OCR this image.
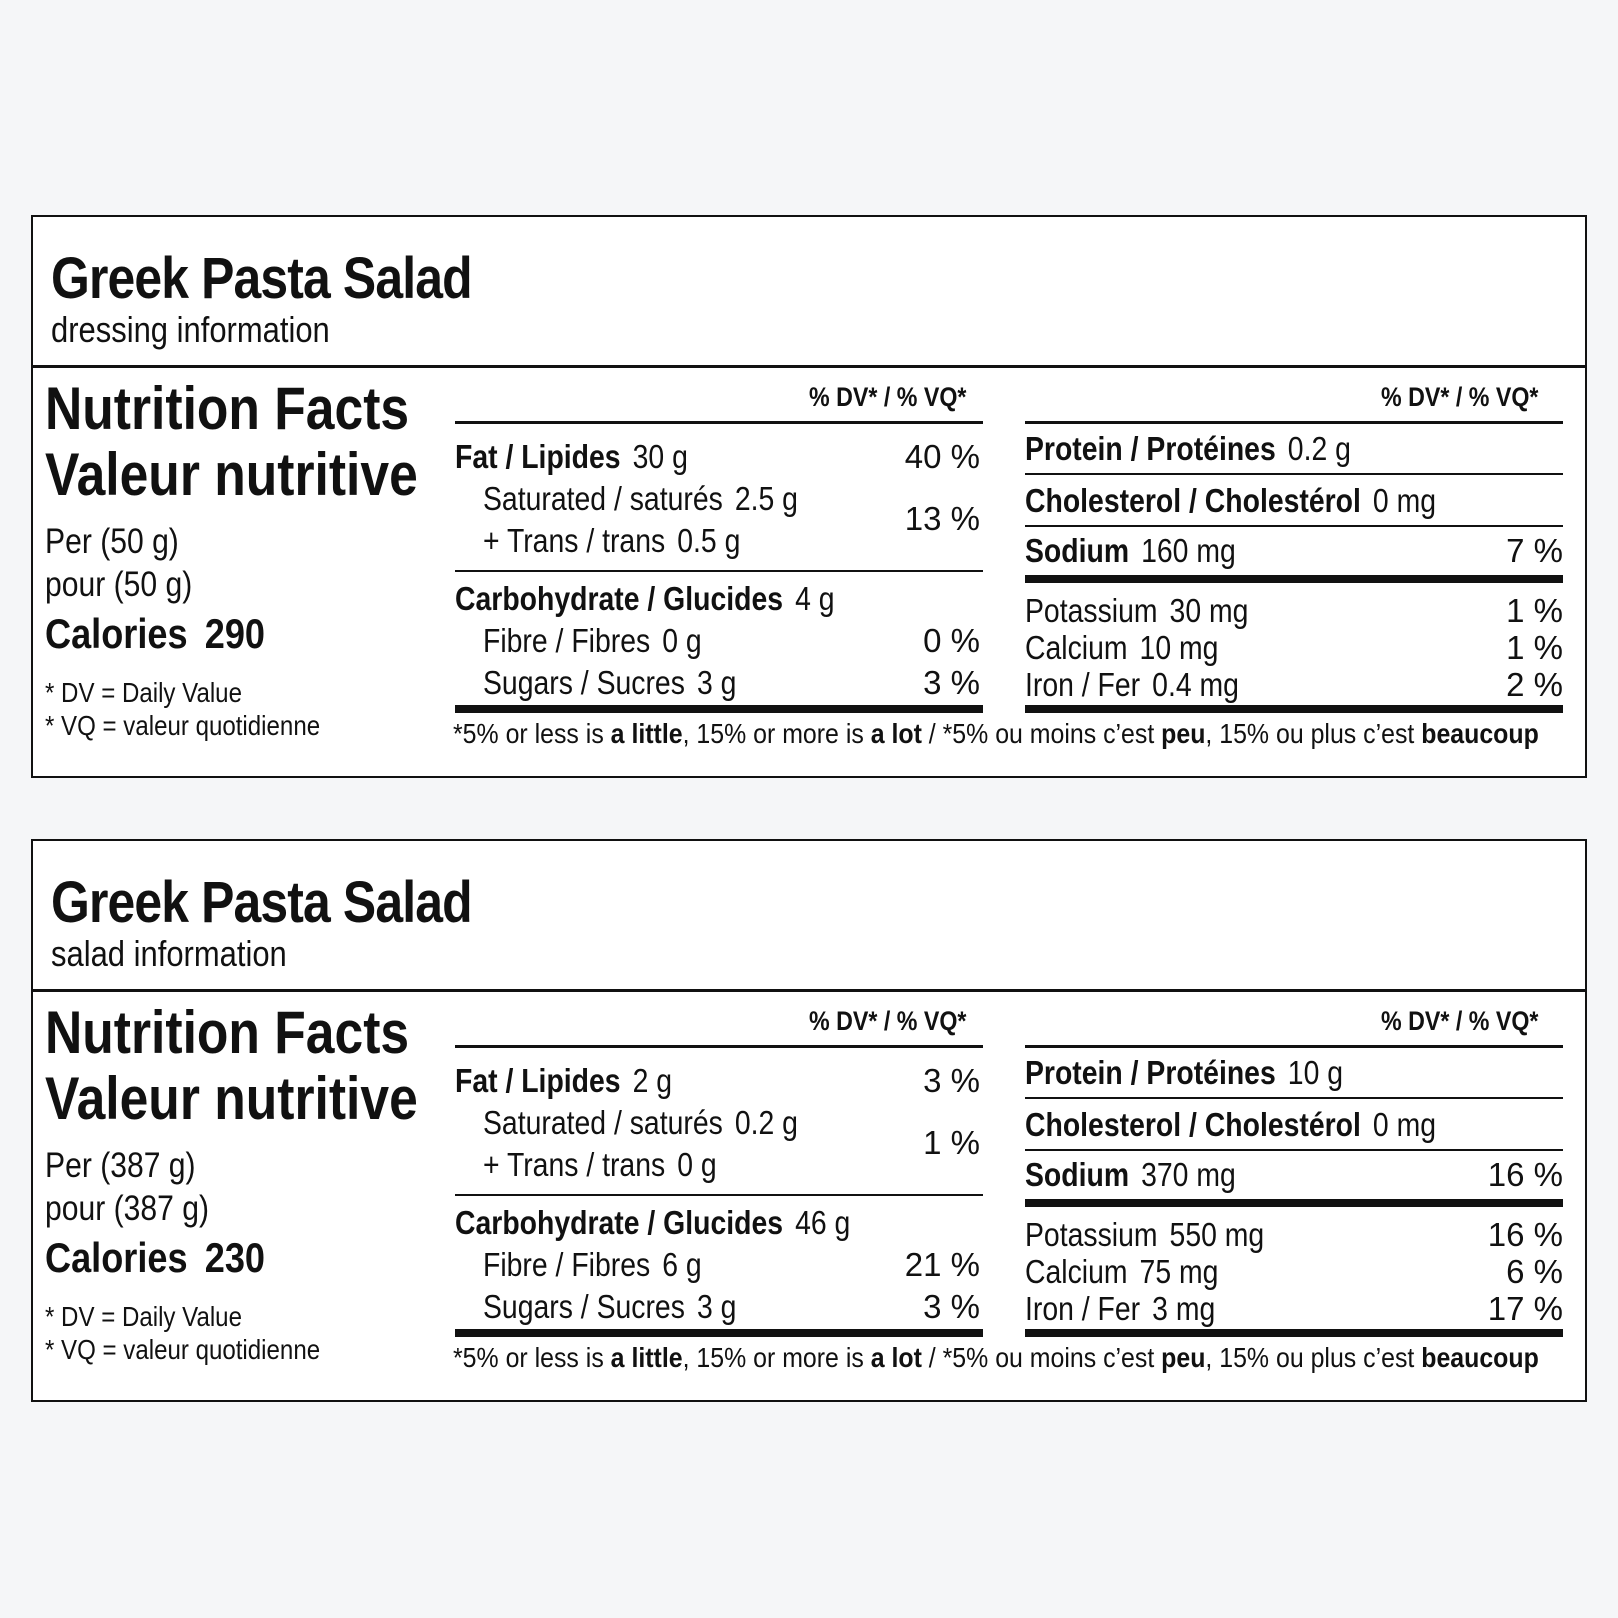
Greek Pasta Salad
dressing information
Nutrition Facts
Valeur nutritive
Per (50 g)
pour (50 g)
Calories 290
* DV = Daily Value
* VQ = valeur quotidienne
% DV* / % VQ*
Fat / Lipides 30 g	40 %
Saturated / saturés 2.5 g
+ Trans / trans 0.5 g
13 %
Carbohydrate / Glucides 4 g
Fibre / Fibres 0 g	0 %
Sugars / Sucres 3 g	3 %
% DV* / % VQ*
Protein / Protéines 0.2 g
Cholesterol / Cholestérol 0 mg
Sodium 160 mg	7 %
Potassium 30 mg	1 %
Calcium 10 mg	1 %
Iron / Fer 0.4 mg	2 %
*5% or less is a little, 15% or more is a lot / *5% ou moins c’est peu, 15% ou plus c’est beaucoup
Greek Pasta Salad
salad information
Nutrition Facts
Valeur nutritive
Per (387 g)
pour (387 g)
Calories 230
* DV = Daily Value
* VQ = valeur quotidienne
% DV* / % VQ*
Fat / Lipides 2 g	3 %
Saturated / saturés 0.2 g
+ Trans / trans 0 g
1 %
Carbohydrate / Glucides 46 g
Fibre / Fibres 6 g	21 %
Sugars / Sucres 3 g	3 %
% DV* / % VQ*
Protein / Protéines 10 g
Cholesterol / Cholestérol 0 mg
Sodium 370 mg	16 %
Potassium 550 mg	16 %
Calcium 75 mg	6 %
Iron / Fer 3 mg	17 %
*5% or less is a little, 15% or more is a lot / *5% ou moins c’est peu, 15% ou plus c’est beaucoup
